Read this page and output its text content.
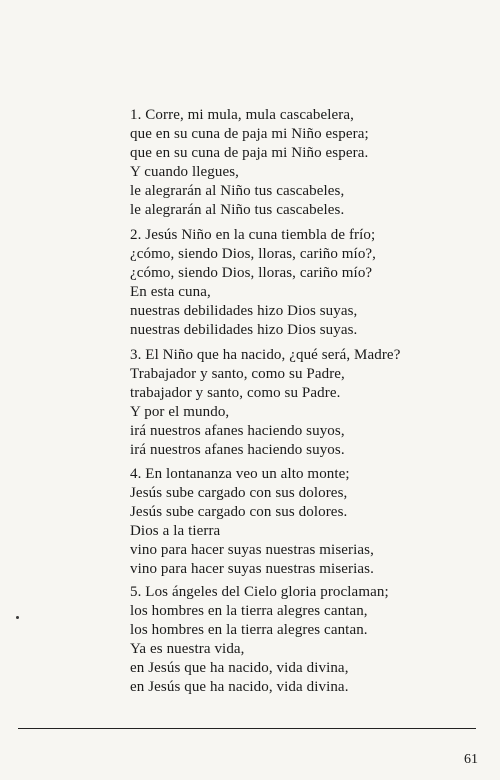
1. Corre, mi mula, mula cascabelera,
que en su cuna de paja mi Niño espera;
que en su cuna de paja mi Niño espera.
Y cuando llegues,
le alegrarán al Niño tus cascabeles,
le alegrarán al Niño tus cascabeles.
2. Jesús Niño en la cuna tiembla de frío;
¿cómo, siendo Dios, lloras, cariño mío?,
¿cómo, siendo Dios, lloras, cariño mío?
En esta cuna,
nuestras debilidades hizo Dios suyas,
nuestras debilidades hizo Dios suyas.
3. El Niño que ha nacido, ¿qué será, Madre?
Trabajador y santo, como su Padre,
trabajador y santo, como su Padre.
Y por el mundo,
irá nuestros afanes haciendo suyos,
irá nuestros afanes haciendo suyos.
4. En lontananza veo un alto monte;
Jesús sube cargado con sus dolores,
Jesús sube cargado con sus dolores.
Dios a la tierra
vino para hacer suyas nuestras miserias,
vino para hacer suyas nuestras miserias.
5. Los ángeles del Cielo gloria proclaman;
los hombres en la tierra alegres cantan,
los hombres en la tierra alegres cantan.
Ya es nuestra vida,
en Jesús que ha nacido, vida divina,
en Jesús que ha nacido, vida divina.
61
